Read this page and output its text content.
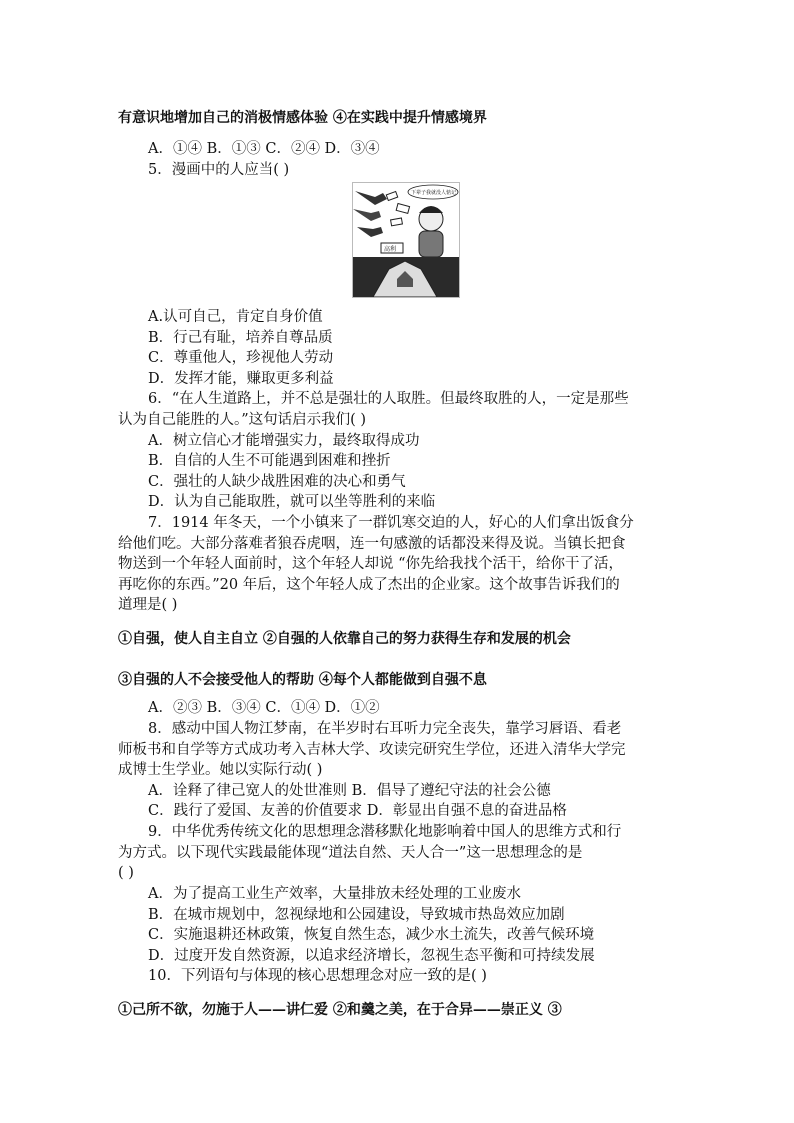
有意识地增加自己的消极情感体验 ④在实践中提升情感境界
A．①④ B．①③ C．②④ D．③④
5．漫画中的人应当( )
下辈子我就没人惦记
高利
A.认可自己，肯定自身价值
B．行己有耻，培养自尊品质
C．尊重他人，珍视他人劳动
D．发挥才能，赚取更多利益
6．“在人生道路上，并不总是强壮的人取胜。但最终取胜的人，一定是那些
认为自己能胜的人。”这句话启示我们( )
A．树立信心才能增强实力，最终取得成功
B．自信的人生不可能遇到困难和挫折
C．强壮的人缺少战胜困难的决心和勇气
D．认为自己能取胜，就可以坐等胜利的来临
7．1914 年冬天，一个小镇来了一群饥寒交迫的人，好心的人们拿出饭食分
给他们吃。大部分落难者狼吞虎咽，连一句感激的话都没来得及说。当镇长把食
物送到一个年轻人面前时，这个年轻人却说 “你先给我找个活干，给你干了活，
再吃你的东西。”20 年后，这个年轻人成了杰出的企业家。这个故事告诉我们的
道理是( )
①自强，使人自主自立 ②自强的人依靠自己的努力获得生存和发展的机会
③自强的人不会接受他人的帮助 ④每个人都能做到自强不息
A．②③ B．③④ C．①④ D．①②
8．感动中国人物江梦南，在半岁时右耳听力完全丧失，靠学习唇语、看老
师板书和自学等方式成功考入吉林大学、攻读完研究生学位，还进入清华大学完
成博士生学业。她以实际行动( )
A．诠释了律己宽人的处世准则 B．倡导了遵纪守法的社会公德
C．践行了爱国、友善的价值要求 D．彰显出自强不息的奋进品格
9．中华优秀传统文化的思想理念潜移默化地影响着中国人的思维方式和行
为方式。以下现代实践最能体现“道法自然、天人合一”这一思想理念的是
( )
A．为了提高工业生产效率，大量排放未经处理的工业废水
B．在城市规划中，忽视绿地和公园建设，导致城市热岛效应加剧
C．实施退耕还林政策，恢复自然生态，减少水土流失，改善气候环境
D．过度开发自然资源，以追求经济增长，忽视生态平衡和可持续发展
10．下列语句与体现的核心思想理念对应一致的是( )
①己所不欲，勿施于人——讲仁爱 ②和羹之美，在于合异——崇正义 ③
